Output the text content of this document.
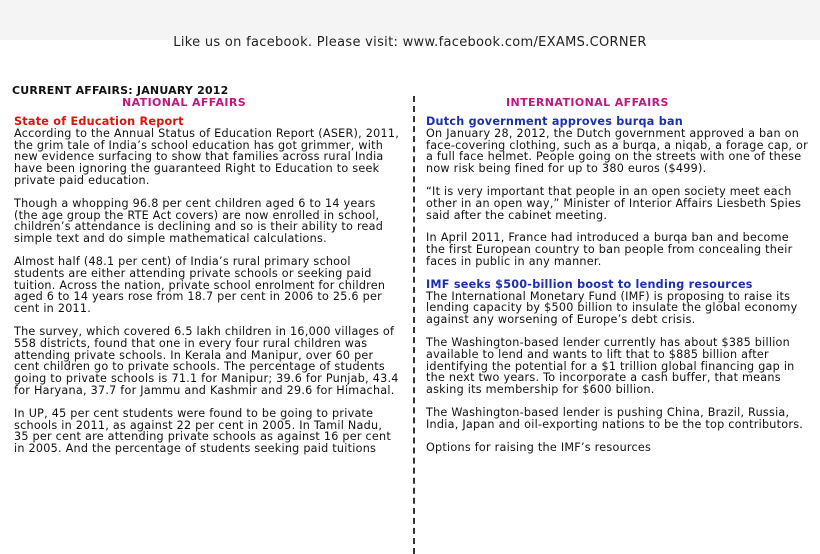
Like us on facebook. Please visit: www.facebook.com/EXAMS.CORNER
CURRENT AFFAIRS: JANUARY 2012
NATIONAL AFFAIRS	INTERNATIONAL AFFAIRS
State of Education Report

According to the Annual Status of Education Report (ASER), 2011, the grim tale of India’s school education has got grimmer, with new evidence surfacing to show that families across rural India have been ignoring the guaranteed Right to Education to seek private paid education.

Though a whopping 96.8 per cent children aged 6 to 14 years (the age group the RTE Act covers) are now enrolled in school, children’s attendance is declining and so is their ability to read simple text and do simple mathematical calculations.

Almost half (48.1 per cent) of India’s rural primary school students are either attending private schools or seeking paid tuition. Across the nation, private school enrolment for children aged 6 to 14 years rose from 18.7 per cent in 2006 to 25.6 per cent in 2011.

The survey, which covered 6.5 lakh children in 16,000 villages of 558 districts, found that one in every four rural children was attending private schools. In Kerala and Manipur, over 60 per cent children go to private schools. The percentage of students going to private schools is 71.1 for Manipur; 39.6 for Punjab, 43.4 for Haryana, 37.7 for Jammu and Kashmir and 29.6 for Himachal.

In UP, 45 per cent students were found to be going to private schools in 2011, as against 22 per cent in 2005. In Tamil Nadu, 35 per cent are attending private schools as against 16 per cent in 2005. And the percentage of students seeking paid tuitions

Dutch government approves burqa ban

On January 28, 2012, the Dutch government approved a ban on face-covering clothing, such as a burqa, a niqab, a forage cap, or a full face helmet. People going on the streets with one of these now risk being fined for up to 380 euros ($499).

“It is very important that people in an open society meet each other in an open way,” Minister of Interior Affairs Liesbeth Spies said after the cabinet meeting.

In April 2011, France had introduced a burqa ban and become the first European country to ban people from concealing their faces in public in any manner.

IMF seeks $500-billion boost to lending resources

The International Monetary Fund (IMF) is proposing to raise its lending capacity by $500 billion to insulate the global economy against any worsening of Europe’s debt crisis.

The Washington-based lender currently has about $385 billion available to lend and wants to lift that to $885 billion after identifying the potential for a $1 trillion global financing gap in the next two years. To incorporate a cash buffer, that means asking its membership for $600 billion.

The Washington-based lender is pushing China, Brazil, Russia, India, Japan and oil-exporting nations to be the top contributors.

Options for raising the IMF’s resources
